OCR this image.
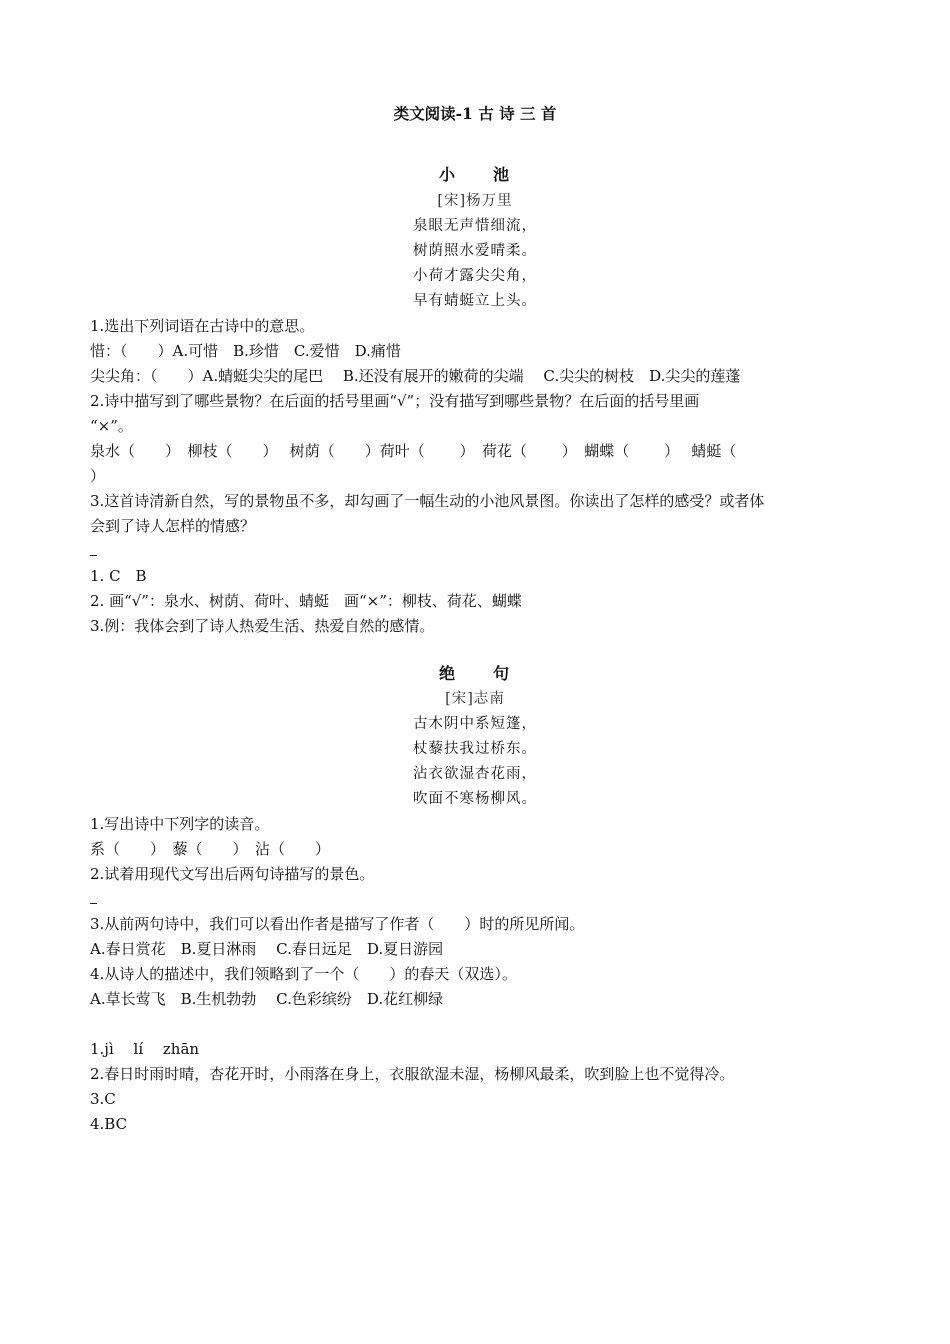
类文阅读-1 古 诗 三 首
小　　池
[宋]杨万里
泉眼无声惜细流，
树荫照水爱晴柔。
小荷才露尖尖角，
早有蜻蜓立上头。
1.选出下列词语在古诗中的意思。
惜：（　　）A.可惜　B.珍惜　C.爱惜　D.痛惜
尖尖角：（　　）A.蜻蜓尖尖的尾巴　 B.还没有展开的嫩荷的尖端　 C.尖尖的树枝　D.尖尖的莲蓬
2.诗中描写到了哪些景物？在后面的括号里画“√”；没有描写到哪些景物？在后面的括号里画
“×”。
泉水（　　）　柳枝（　　）　 树荫（　　）荷叶（　　 ）　荷花（　　 ）　蝴蝶（　　 ）　 蜻蜓（
）
3.这首诗清新自然，写的景物虽不多，却勾画了一幅生动的小池风景图。你读出了怎样的感受？或者体
会到了诗人怎样的情感？
1. C　B
2. 画“√”：泉水、树荫、荷叶、蜻蜓　画“×”：柳枝、荷花、蝴蝶
3.例：我体会到了诗人热爱生活、热爱自然的感情。
绝　　句
[宋]志南
古木阴中系短篷，
杖藜扶我过桥东。
沾衣欲湿杏花雨，
吹面不寒杨柳风。
1.写出诗中下列字的读音。
系（　　）　藜（　　）　沾（　　）
2.试着用现代文写出后两句诗描写的景色。
3.从前两句诗中，我们可以看出作者是描写了作者（　　）时的所见所闻。
A.春日赏花　B.夏日淋雨　 C.春日远足　D.夏日游园
4.从诗人的描述中，我们领略到了一个（　　）的春天（双选）。
A.草长莺飞　B.生机勃勃　 C.色彩缤纷　D.花红柳绿
1.jì　 lí　 zhān
2.春日时雨时晴，杏花开时，小雨落在身上，衣服欲湿未湿，杨柳风最柔，吹到脸上也不觉得冷。
3.C
4.BC
